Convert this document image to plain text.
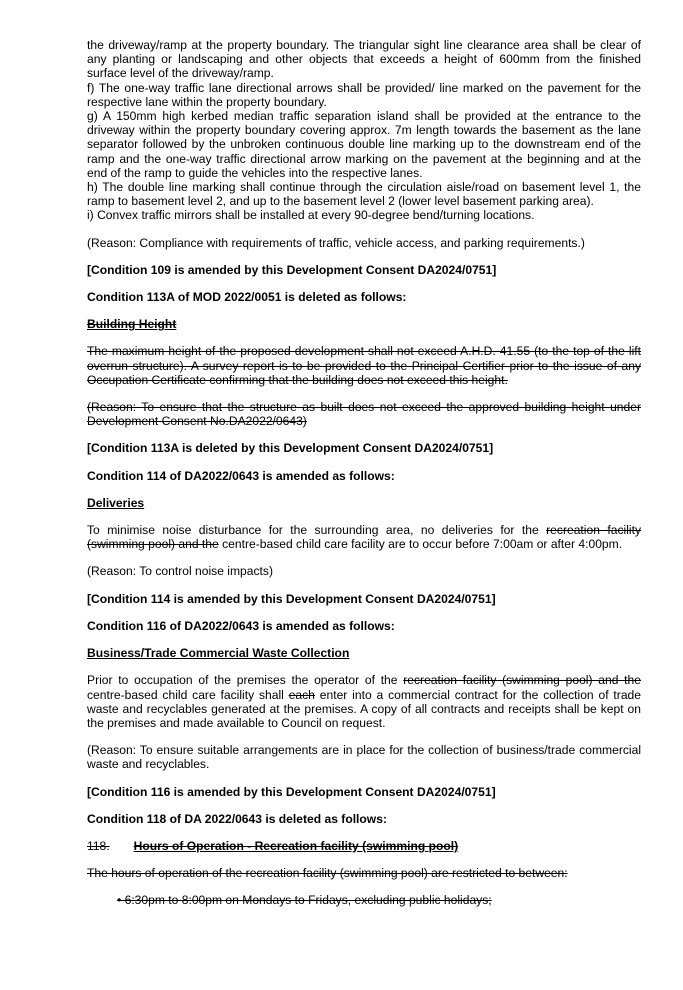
the driveway/ramp at the property boundary. The triangular sight line clearance area shall be clear of any planting or landscaping and other objects that exceeds a height of 600mm from the finished surface level of the driveway/ramp.

f) The one-way traffic lane directional arrows shall be provided/ line marked on the pavement for the respective lane within the property boundary.

g) A 150mm high kerbed median traffic separation island shall be provided at the entrance to the driveway within the property boundary covering approx. 7m length towards the basement as the lane separator followed by the unbroken continuous double line marking up to the downstream end of the ramp and the one-way traffic directional arrow marking on the pavement at the beginning and at the end of the ramp to guide the vehicles into the respective lanes.

h) The double line marking shall continue through the circulation aisle/road on basement level 1, the ramp to basement level 2, and up to the basement level 2 (lower level basement parking area).

i) Convex traffic mirrors shall be installed at every 90-degree bend/turning locations.

(Reason: Compliance with requirements of traffic, vehicle access, and parking requirements.)

[Condition 109 is amended by this Development Consent DA2024/0751]

Condition 113A of MOD 2022/0051 is deleted as follows:

Building Height

The maximum height of the proposed development shall not exceed A.H.D. 41.55 (to the top of the lift overrun structure). A survey report is to be provided to the Principal Certifier prior to the issue of any Occupation Certificate confirming that the building does not exceed this height.

(Reason: To ensure that the structure as built does not exceed the approved building height under Development Consent No.DA2022/0643)

[Condition 113A is deleted by this Development Consent DA2024/0751]

Condition 114 of DA2022/0643 is amended as follows:

Deliveries

To minimise noise disturbance for the surrounding area, no deliveries for the recreation facility (swimming pool) and the centre-based child care facility are to occur before 7:00am or after 4:00pm.

(Reason: To control noise impacts)

[Condition 114 is amended by this Development Consent DA2024/0751]

Condition 116 of DA2022/0643 is amended as follows:

Business/Trade Commercial Waste Collection

Prior to occupation of the premises the operator of the recreation facility (swimming pool) and the centre-based child care facility shall each enter into a commercial contract for the collection of trade waste and recyclables generated at the premises. A copy of all contracts and receipts shall be kept on the premises and made available to Council on request.

(Reason: To ensure suitable arrangements are in place for the collection of business/trade commercial waste and recyclables.

[Condition 116 is amended by this Development Consent DA2024/0751]

Condition 118 of DA 2022/0643 is deleted as follows:

118. Hours of Operation - Recreation facility (swimming pool)

The hours of operation of the recreation facility (swimming pool) are restricted to between:

• 6:30pm to 8:00pm on Mondays to Fridays, excluding public holidays;
